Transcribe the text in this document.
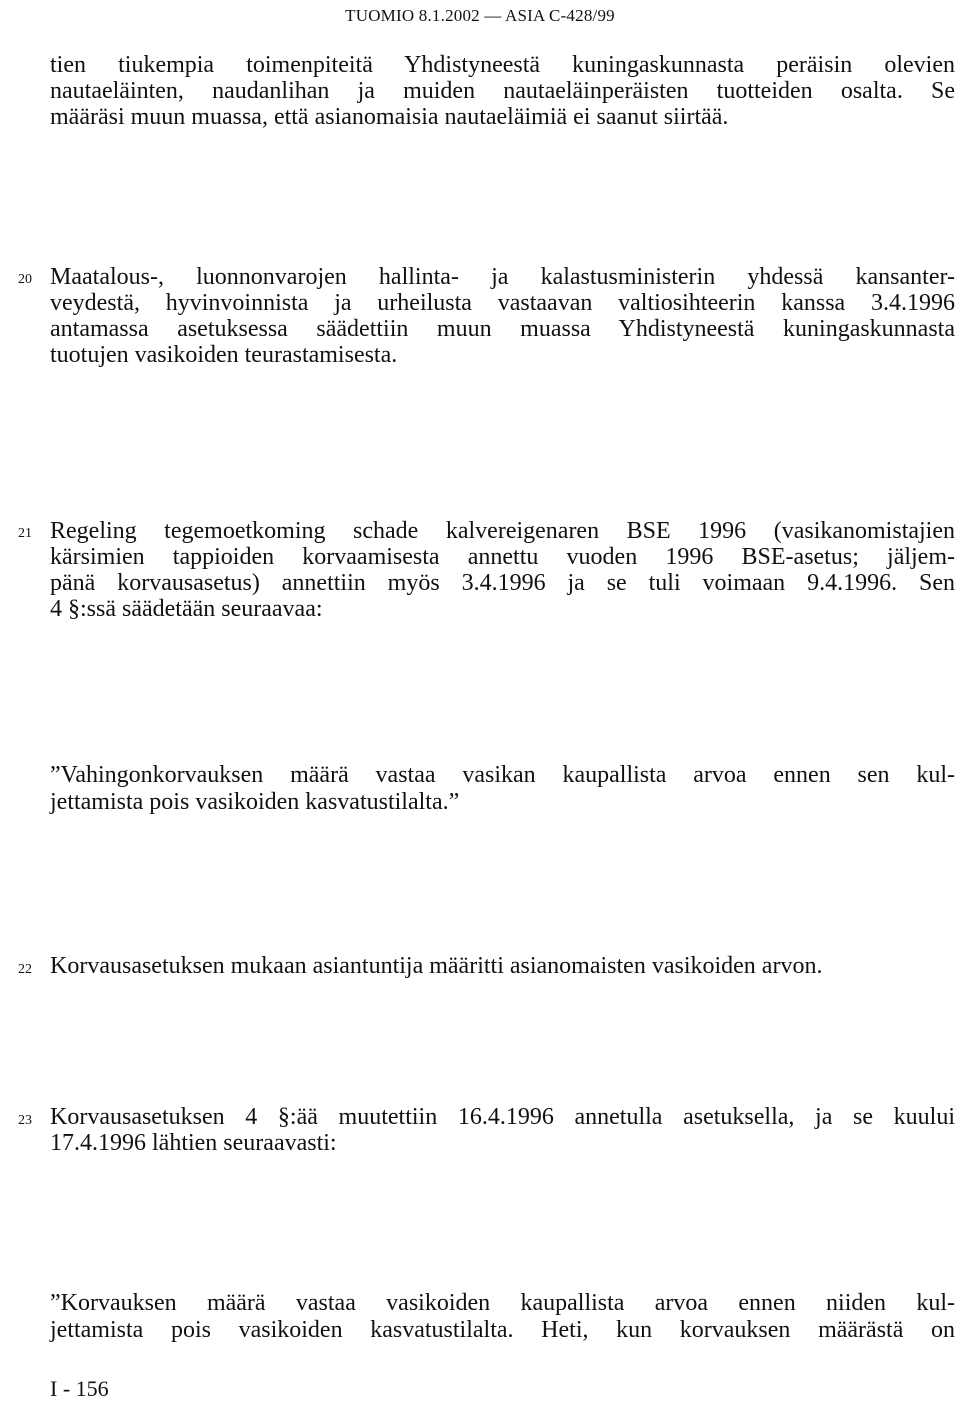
TUOMIO 8.1.2002 — ASIA C-428/99
tien tiukempia toimenpiteitä Yhdistyneestä kuningaskunnasta peräisin olevien
nautaeläinten, naudanlihan ja muiden nautaeläinperäisten tuotteiden osalta. Se
määräsi muun muassa, että asianomaisia nautaeläimiä ei saanut siirtää.
20 Maatalous-, luonnonvarojen hallinta- ja kalastusministerin yhdessä kansanter-
veydestä, hyvinvoinnista ja urheilusta vastaavan valtiosihteerin kanssa 3.4.1996
antamassa asetuksessa säädettiin muun muassa Yhdistyneestä kuningaskunnasta
tuotujen vasikoiden teurastamisesta.
21 Regeling tegemoetkoming schade kalvereigenaren BSE 1996 (vasikanomistajien
kärsimien tappioiden korvaamisesta annettu vuoden 1996 BSE-asetus; jäljem-
pänä korvausasetus) annettiin myös 3.4.1996 ja se tuli voimaan 9.4.1996. Sen
4 §:ssä säädetään seuraavaa:
”Vahingonkorvauksen määrä vastaa vasikan kaupallista arvoa ennen sen kul-
jettamista pois vasikoiden kasvatustilalta.”
22 Korvausasetuksen mukaan asiantuntija määritti asianomaisten vasikoiden arvon.
23 Korvausasetuksen 4 §:ää muutettiin 16.4.1996 annetulla asetuksella, ja se kuului
17.4.1996 lähtien seuraavasti:
”Korvauksen määrä vastaa vasikoiden kaupallista arvoa ennen niiden kul-
jettamista pois vasikoiden kasvatustilalta. Heti, kun korvauksen määrästä on
I - 156
